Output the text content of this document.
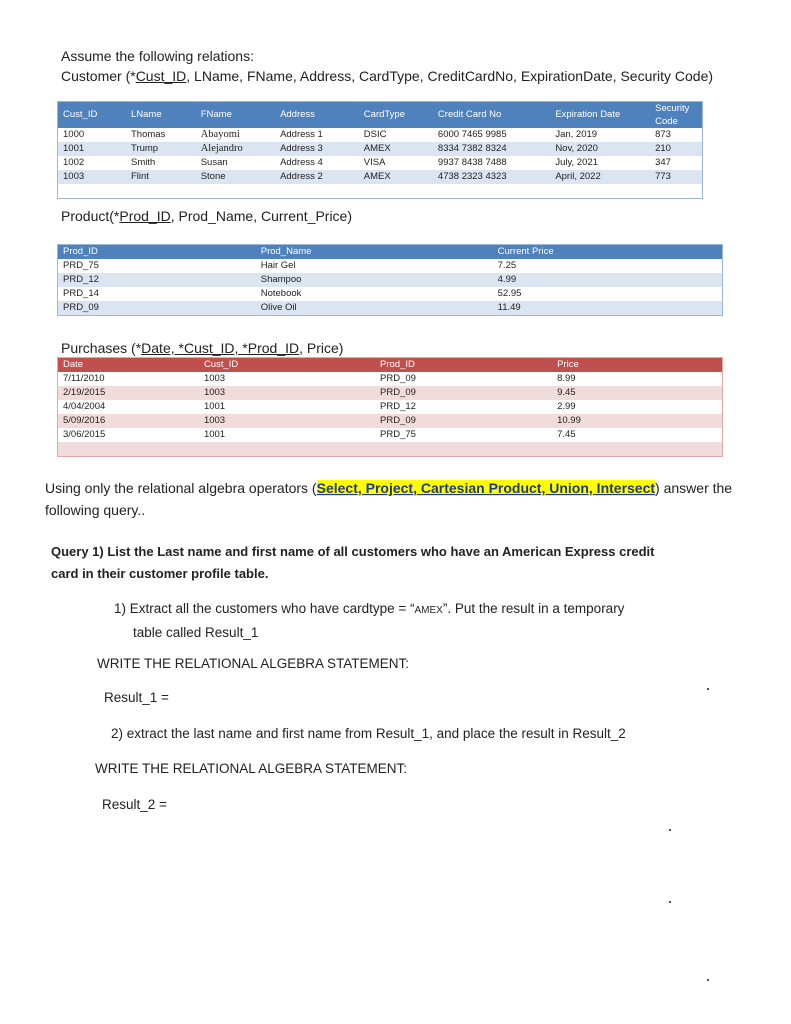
Assume the following relations:
Customer (*Cust_ID, LName, FName, Address, CardType, CreditCardNo, ExpirationDate, Security Code)
Cust_ID	LName	FName	Address	CardType	Credit Card No	Expiration Date	Security Code
1000	Thomas	Abayomi	Address 1	DSIC	6000 7465 9985	Jan, 2019	873
1001	Trump	Alejandro	Address 3	AMEX	8334 7382 8324	Nov, 2020	210
1002	Smith	Susan	Address 4	VISA	9937 8438 7488	July, 2021	347
1003	Flint	Stone	Address 2	AMEX	4738 2323 4323	April, 2022	773

Product(*Prod_ID, Prod_Name, Current_Price)
Prod_ID	Prod_Name	Current Price
PRD_75	Hair Gel	7.25
PRD_12	Shampoo	4.99
PRD_14	Notebook	52.95
PRD_09	Olive Oil	11.49
Purchases (*Date, *Cust_ID, *Prod_ID, Price)
Date	Cust_ID	Prod_ID	Price
7/11/2010	1003	PRD_09	8.99
2/19/2015	1003	PRD_09	9.45
4/04/2004	1001	PRD_12	2.99
5/09/2016	1003	PRD_09	10.99
3/06/2015	1001	PRD_75	7.45

Using only the relational algebra operators (Select, Project, Cartesian Product, Union, Intersect) answer the
following query..
Query 1) List the Last name and first name of all customers who have an American Express credit
card in their customer profile table.
1) Extract all the customers who have cardtype = “AMEX”. Put the result in a temporary
table called Result_1
WRITE THE RELATIONAL ALGEBRA STATEMENT:
Result_1 =
2) extract the last name and first name from Result_1, and place the result in Result_2
WRITE THE RELATIONAL ALGEBRA STATEMENT:
Result_2 =
